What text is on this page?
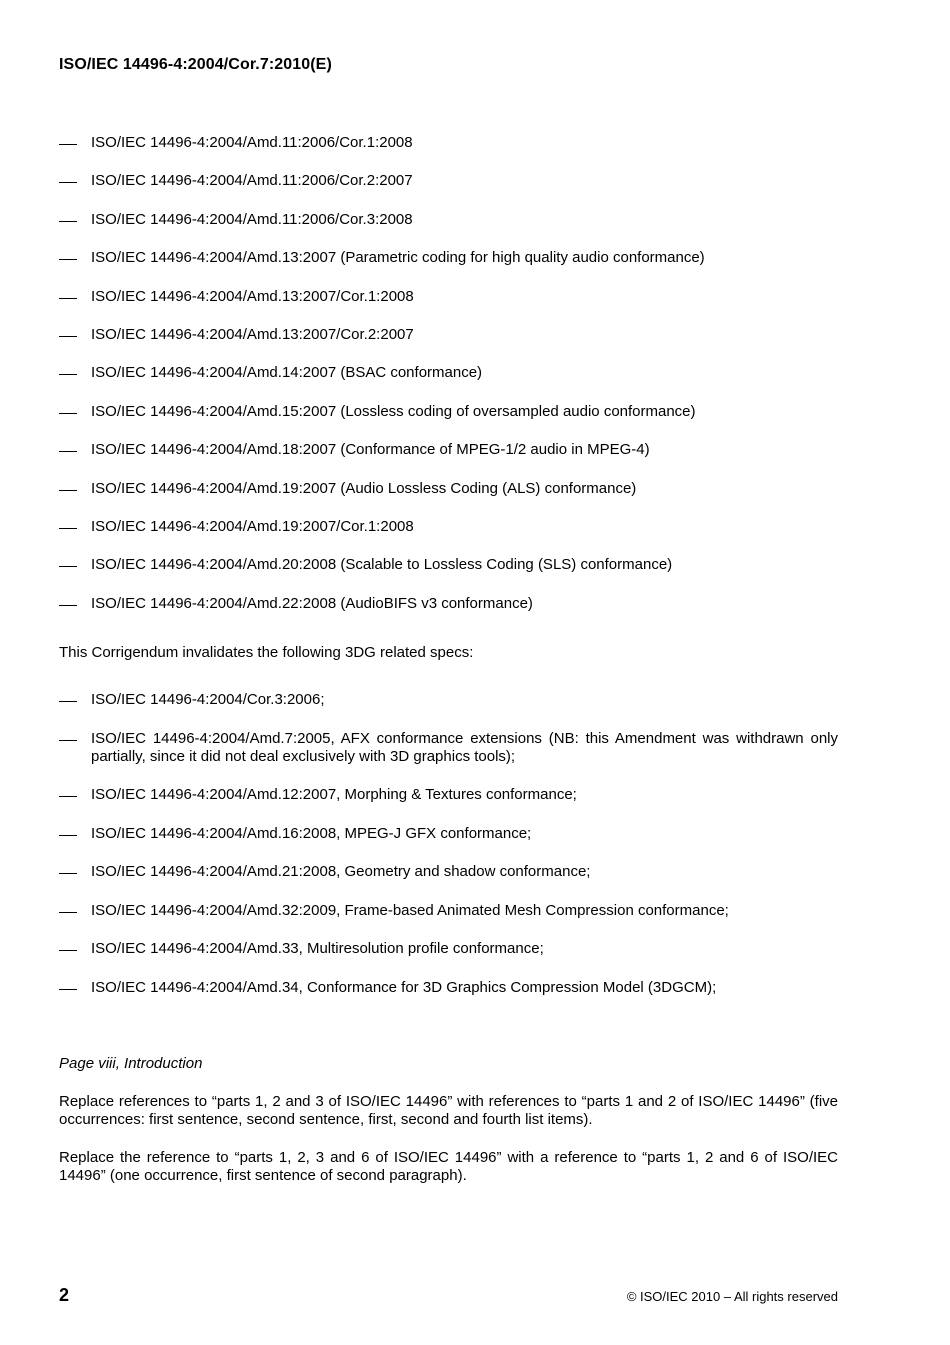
ISO/IEC 14496-4:2004/Cor.7:2010(E)
ISO/IEC 14496-4:2004/Amd.11:2006/Cor.1:2008
ISO/IEC 14496-4:2004/Amd.11:2006/Cor.2:2007
ISO/IEC 14496-4:2004/Amd.11:2006/Cor.3:2008
ISO/IEC 14496-4:2004/Amd.13:2007 (Parametric coding for high quality audio conformance)
ISO/IEC 14496-4:2004/Amd.13:2007/Cor.1:2008
ISO/IEC 14496-4:2004/Amd.13:2007/Cor.2:2007
ISO/IEC 14496-4:2004/Amd.14:2007 (BSAC conformance)
ISO/IEC 14496-4:2004/Amd.15:2007 (Lossless coding of oversampled audio conformance)
ISO/IEC 14496-4:2004/Amd.18:2007 (Conformance of MPEG-1/2 audio in MPEG-4)
ISO/IEC 14496-4:2004/Amd.19:2007 (Audio Lossless Coding (ALS) conformance)
ISO/IEC 14496-4:2004/Amd.19:2007/Cor.1:2008
ISO/IEC 14496-4:2004/Amd.20:2008 (Scalable to Lossless Coding (SLS) conformance)
ISO/IEC 14496-4:2004/Amd.22:2008 (AudioBIFS v3 conformance)

This Corrigendum invalidates the following 3DG related specs:

ISO/IEC 14496-4:2004/Cor.3:2006;
ISO/IEC 14496-4:2004/Amd.7:2005, AFX conformance extensions (NB: this Amendment was withdrawn only partially, since it did not deal exclusively with 3D graphics tools);
ISO/IEC 14496-4:2004/Amd.12:2007, Morphing & Textures conformance;
ISO/IEC 14496-4:2004/Amd.16:2008, MPEG-J GFX conformance;
ISO/IEC 14496-4:2004/Amd.21:2008, Geometry and shadow conformance;
ISO/IEC 14496-4:2004/Amd.32:2009, Frame-based Animated Mesh Compression conformance;
ISO/IEC 14496-4:2004/Amd.33, Multiresolution profile conformance;
ISO/IEC 14496-4:2004/Amd.34, Conformance for 3D Graphics Compression Model (3DGCM);

Page viii, Introduction

Replace references to “parts 1, 2 and 3 of ISO/IEC 14496” with references to “parts 1 and 2 of ISO/IEC 14496” (five occurrences: first sentence, second sentence, first, second and fourth list items).

Replace the reference to “parts 1, 2, 3 and 6 of ISO/IEC 14496” with a reference to “parts 1, 2 and 6 of ISO/IEC 14496” (one occurrence, first sentence of second paragraph).

2	© ISO/IEC 2010 – All rights reserved
